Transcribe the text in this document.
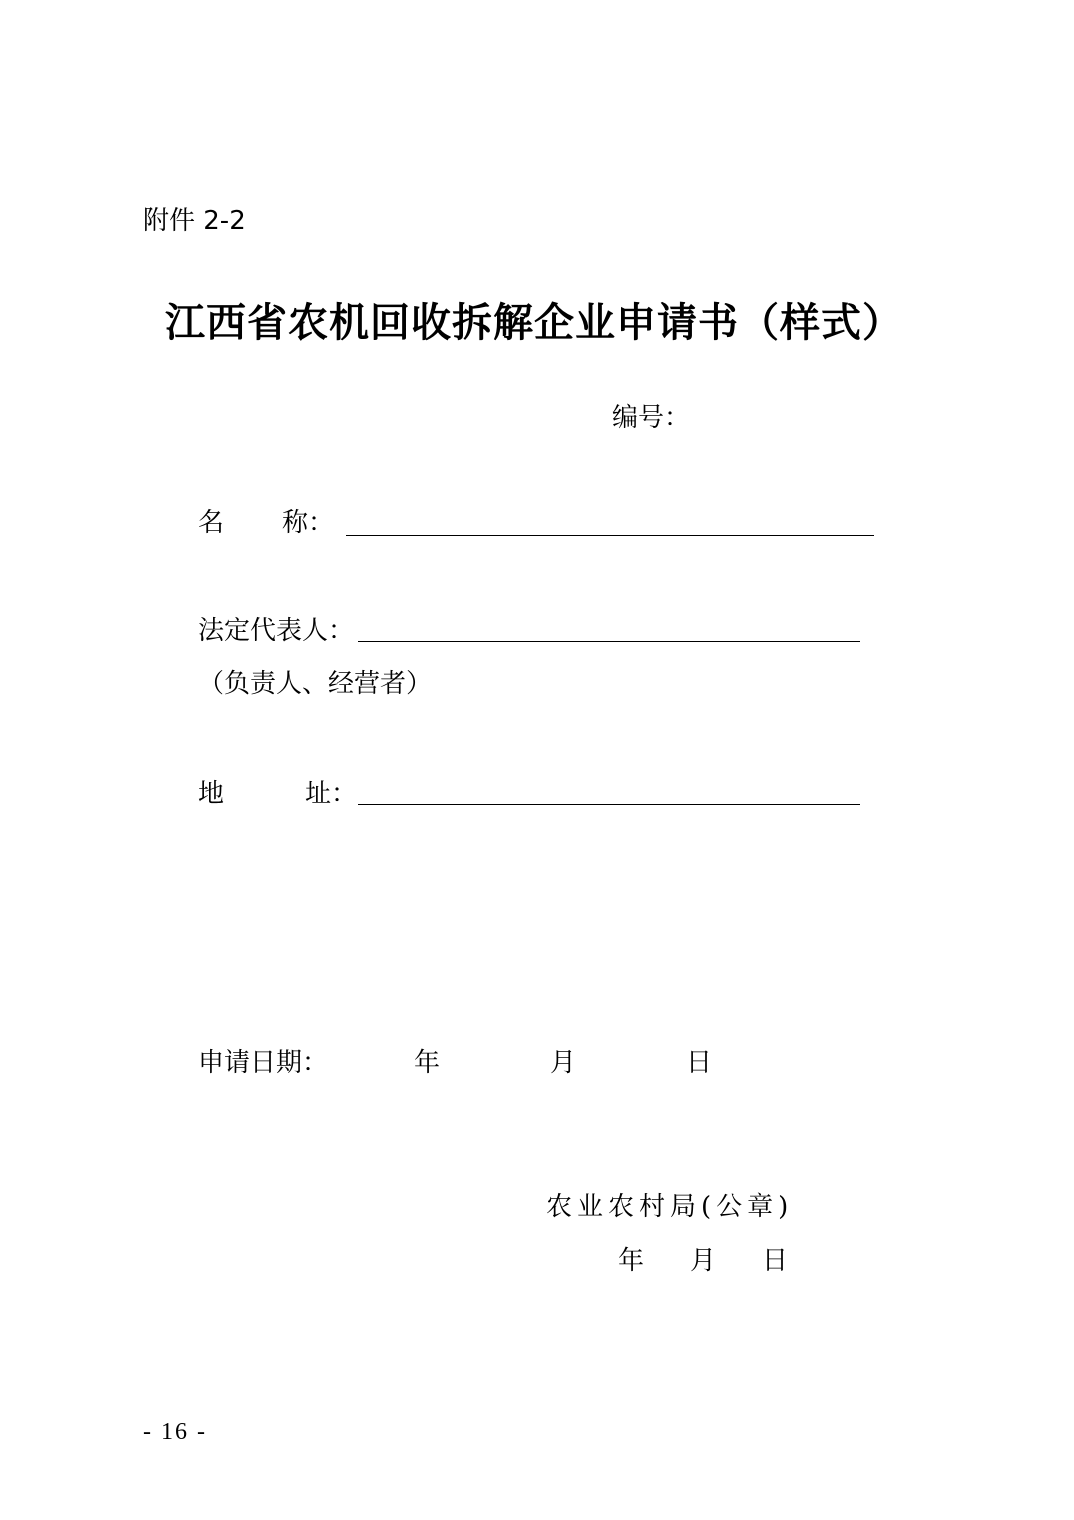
附件 2-2
江西省农机回收拆解企业申请书（样式）
编号：
名 称：
法定代表人：
（负责人、经营者）
地	址：
申请日期：	年	月	日
农业农村局(公章)
年 月 日
- 16 -
